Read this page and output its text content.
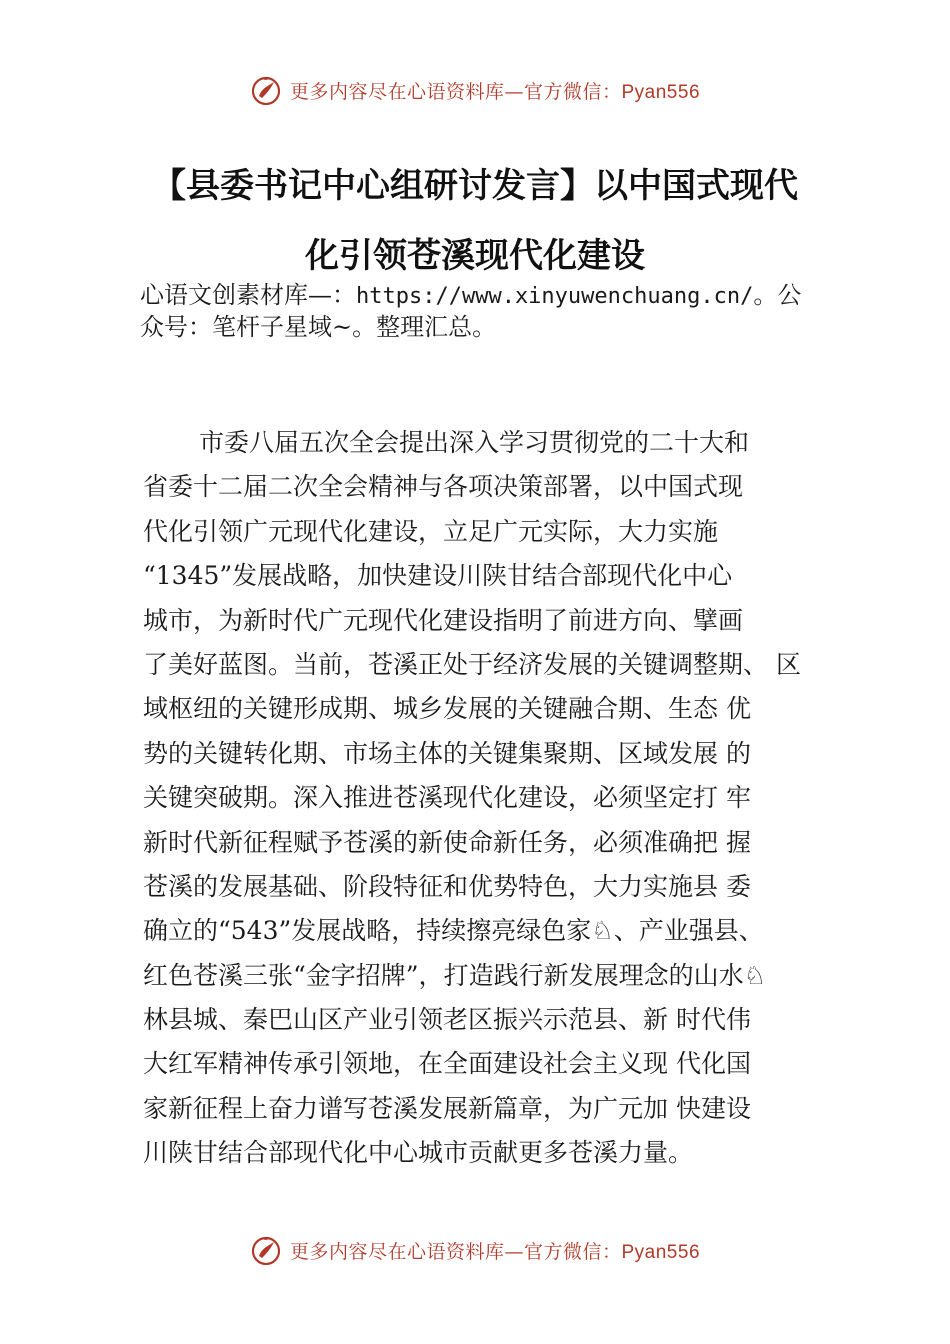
更多内容尽在心语资料库—官方微信：Pyan556
【县委书记中心组研讨发言】以中国式现代
化引领苍溪现代化建设
心语文创素材库—：https://www.xinyuwenchuang.cn/。公
众号：笔杆子星域~。整理汇总。
市委八届五次全会提出深入学习贯彻党的二十大和
省委十二届二次全会精神与各项决策部署，以中国式现
代化引领广元现代化建设，立足广元实际，大力实施
“1345”发展战略，加快建设川陕甘结合部现代化中心
城市，为新时代广元现代化建设指明了前进方向、擘画
了美好蓝图。当前，苍溪正处于经济发展的关键调整期、 区
域枢纽的关键形成期、城乡发展的关键融合期、生态 优
势的关键转化期、市场主体的关键集聚期、区域发展 的
关键突破期。深入推进苍溪现代化建设，必须坚定打 牢
新时代新征程赋予苍溪的新使命新任务，必须准确把 握
苍溪的发展基础、阶段特征和优势特色，大力实施县 委
确立的“543”发展战略，持续擦亮绿色家♘、产业强县、
红色苍溪三张“金字招牌”，打造践行新发展理念的山水♘
林县城、秦巴山区产业引领老区振兴示范县、新 时代伟
大红军精神传承引领地，在全面建设社会主义现 代化国
家新征程上奋力谱写苍溪发展新篇章，为广元加 快建设
川陕甘结合部现代化中心城市贡献更多苍溪力量。
更多内容尽在心语资料库—官方微信：Pyan556
